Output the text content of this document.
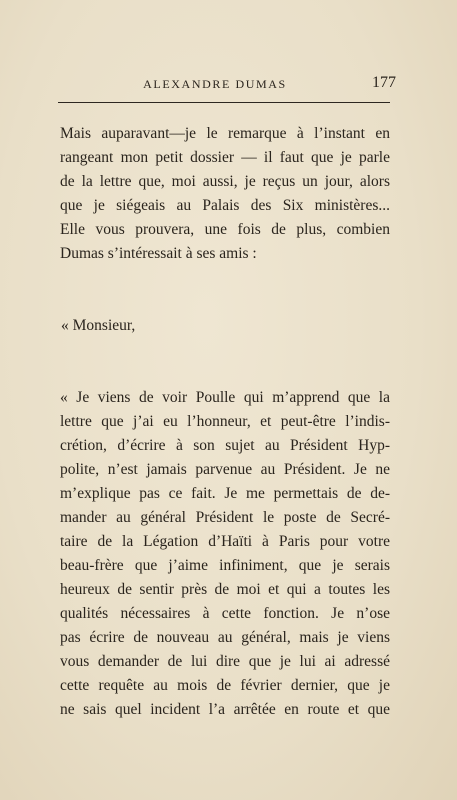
ALEXANDRE DUMAS	177
Mais auparavant—je le remarque à l’instant en
rangeant mon petit dossier — il faut que je parle
de la lettre que, moi aussi, je reçus un jour, alors
que je siégeais au Palais des Six ministères...
Elle vous prouvera, une fois de plus, combien
Dumas s’intéressait à ses amis :
« Monsieur,
« Je viens de voir Poulle qui m’apprend que la
lettre que j’ai eu l’honneur, et peut-être l’indis-
crétion, d’écrire à son sujet au Président Hyp-
polite, n’est jamais parvenue au Président. Je ne
m’explique pas ce fait. Je me permettais de de-
mander au général Président le poste de Secré-
taire de la Légation d’Haïti à Paris pour votre
beau-frère que j’aime infiniment, que je serais
heureux de sentir près de moi et qui a toutes les
qualités nécessaires à cette fonction. Je n’ose
pas écrire de nouveau au général, mais je viens
vous demander de lui dire que je lui ai adressé
cette requête au mois de février dernier, que je
ne sais quel incident l’a arrêtée en route et que
